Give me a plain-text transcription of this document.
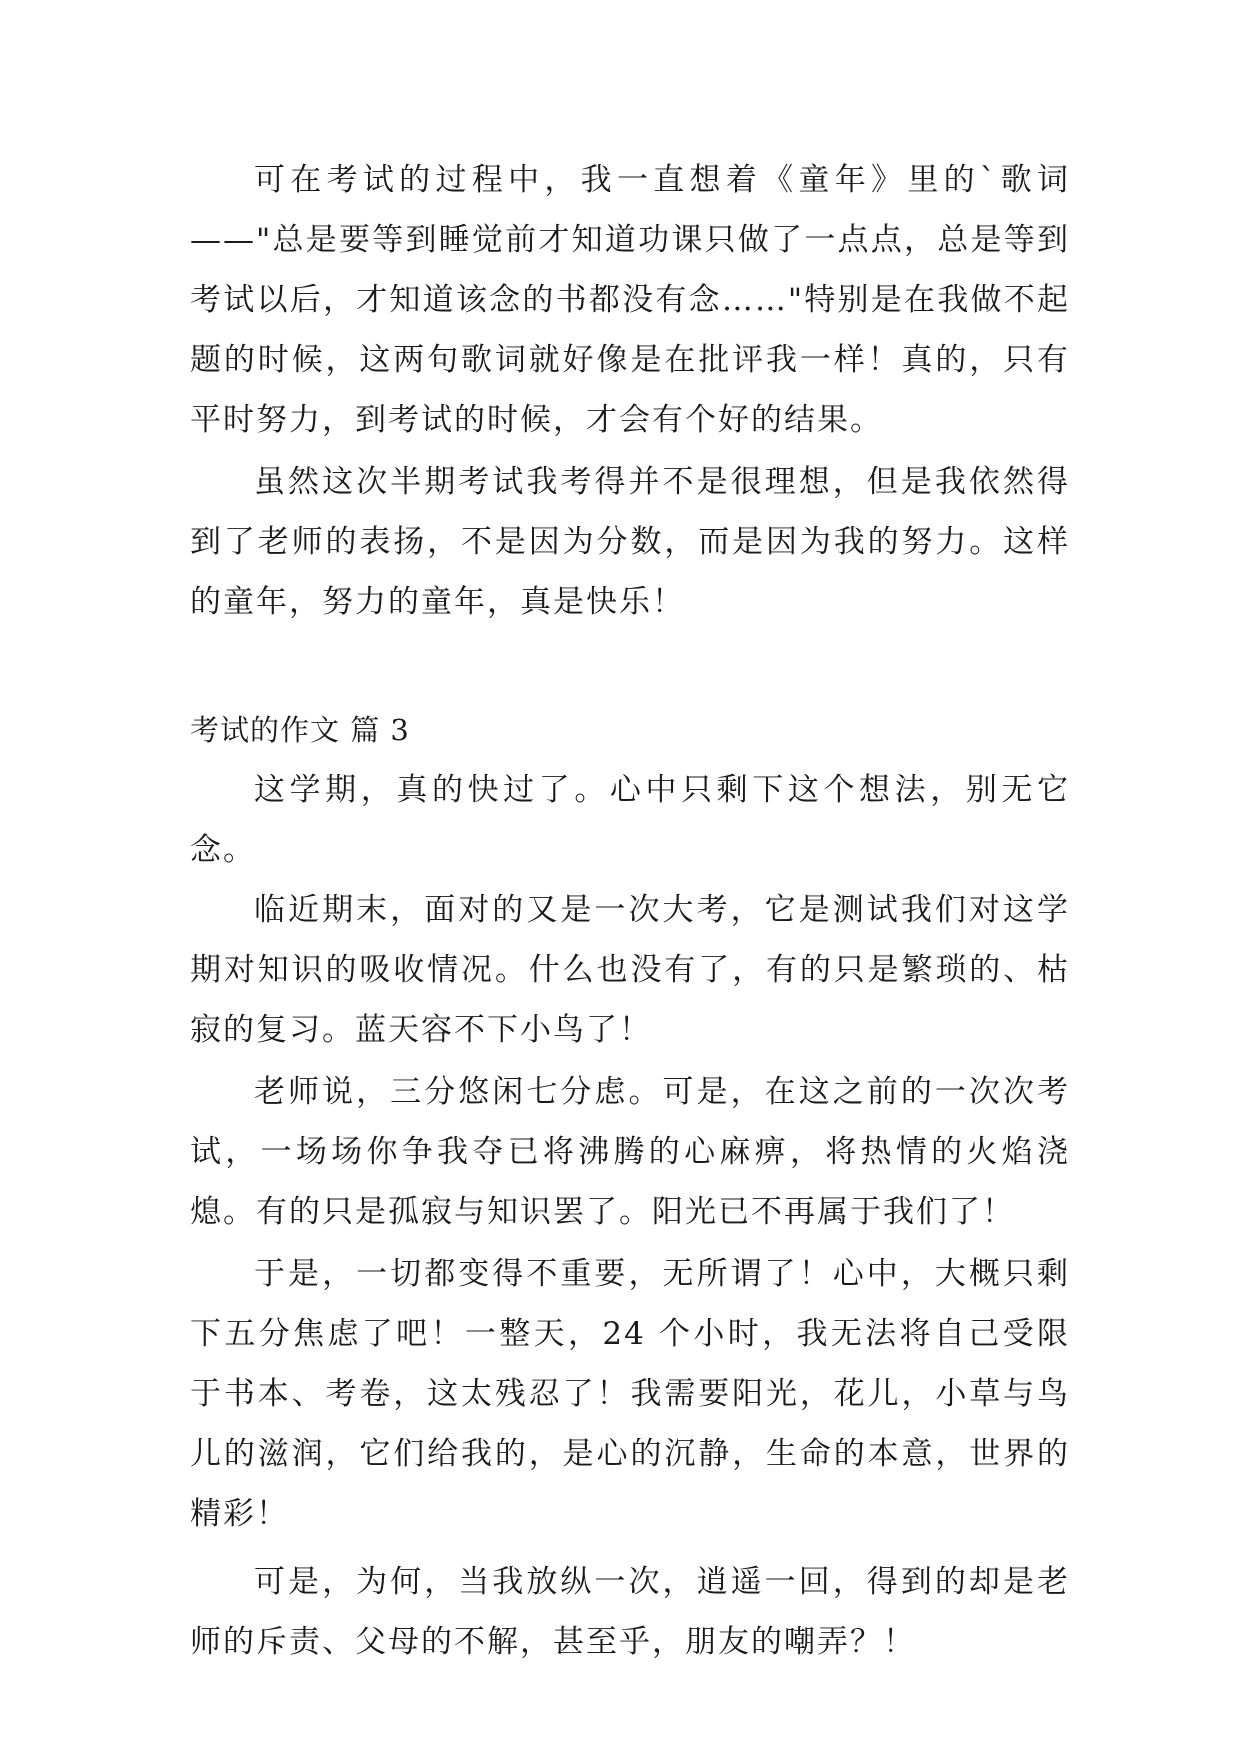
可在考试的过程中，我一直想着《童年》里的`歌词——"总是要等到睡觉前才知道功课只做了一点点，总是等到考试以后，才知道该念的书都没有念……"特别是在我做不起题的时候，这两句歌词就好像是在批评我一样！真的，只有平时努力，到考试的时候，才会有个好的结果。

虽然这次半期考试我考得并不是很理想，但是我依然得到了老师的表扬，不是因为分数，而是因为我的努力。这样的童年，努力的童年，真是快乐！

考试的作文 篇 3

这学期，真的快过了。心中只剩下这个想法，别无它念。

临近期末，面对的又是一次大考，它是测试我们对这学期对知识的吸收情况。什么也没有了，有的只是繁琐的、枯寂的复习。蓝天容不下小鸟了！

老师说，三分悠闲七分虑。可是，在这之前的一次次考试，一场场你争我夺已将沸腾的心麻痹，将热情的火焰浇熄。有的只是孤寂与知识罢了。阳光已不再属于我们了！

于是，一切都变得不重要，无所谓了！心中，大概只剩下五分焦虑了吧！一整天，24 个小时，我无法将自己受限于书本、考卷，这太残忍了！我需要阳光，花儿，小草与鸟儿的滋润，它们给我的，是心的沉静，生命的本意，世界的精彩！

可是，为何，当我放纵一次，逍遥一回，得到的却是老师的斥责、父母的不解，甚至乎，朋友的嘲弄？！
